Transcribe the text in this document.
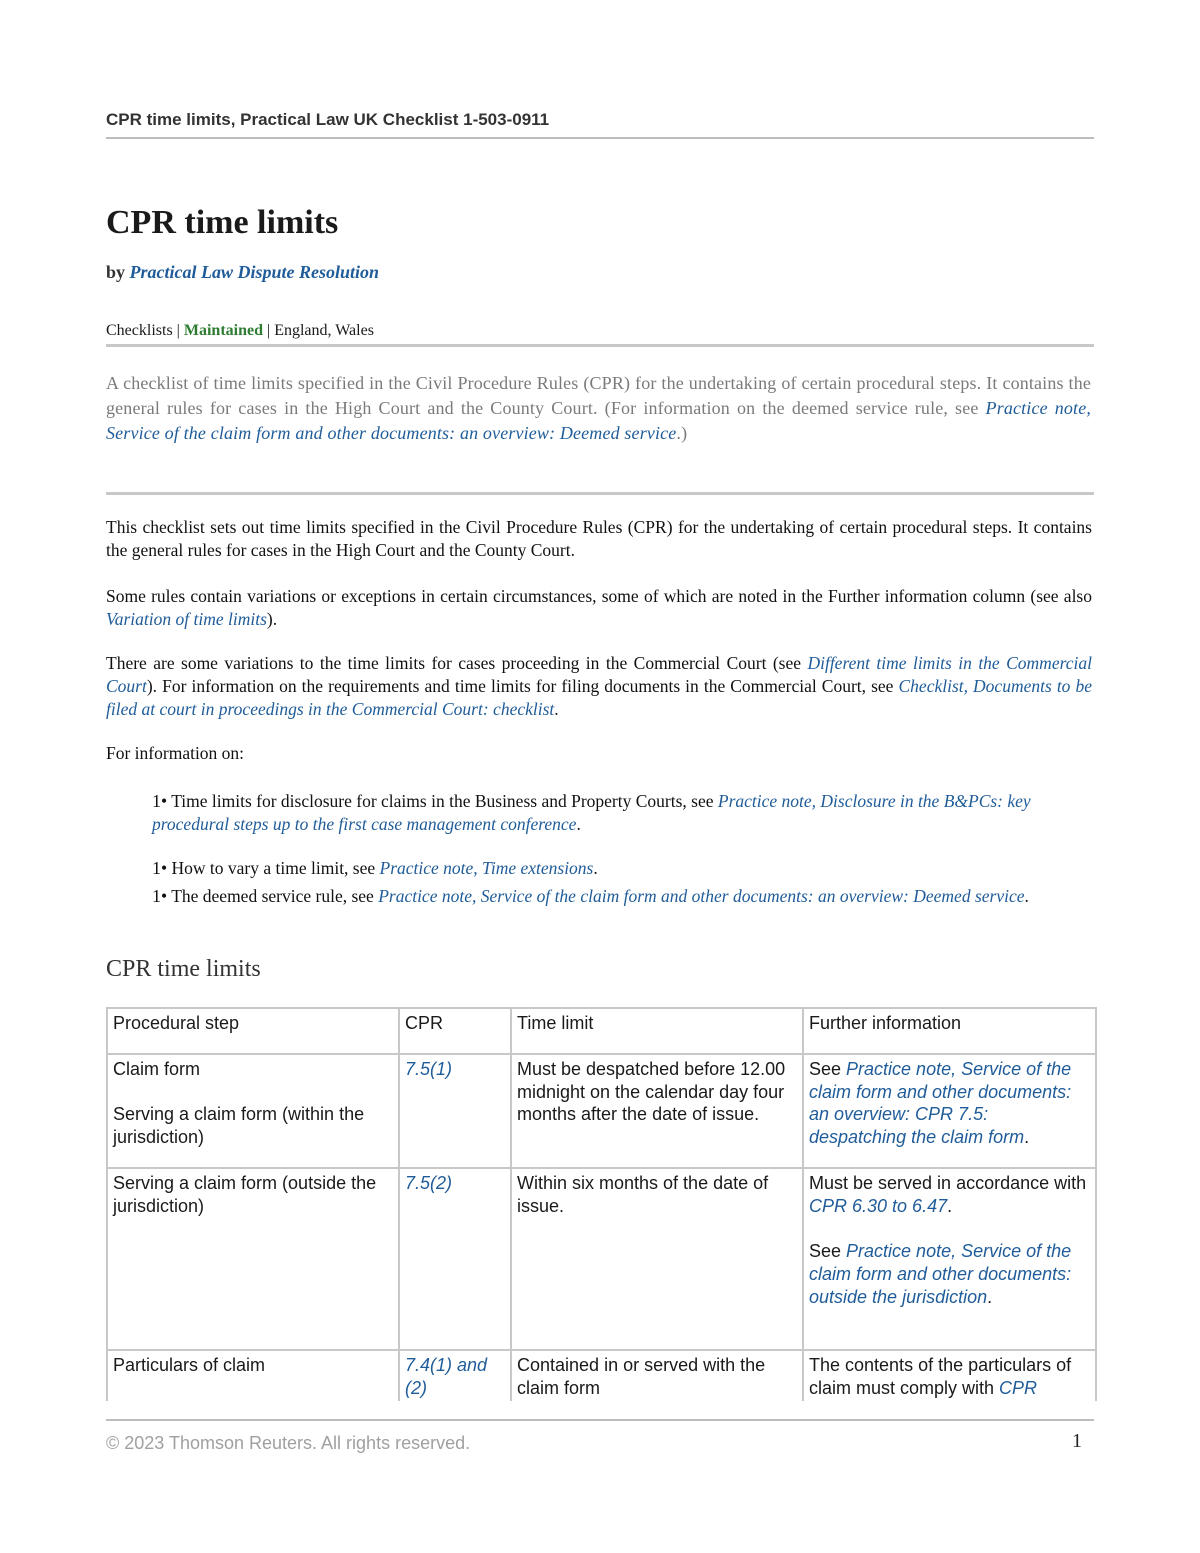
CPR time limits, Practical Law UK Checklist 1-503-0911
CPR time limits
by Practical Law Dispute Resolution
Checklists | Maintained | England, Wales

A checklist of time limits specified in the Civil Procedure Rules (CPR) for the undertaking of certain procedural steps. It contains the general rules for cases in the High Court and the County Court. (For information on the deemed service rule, see Practice note, Service of the claim form and other documents: an overview: Deemed service.)

This checklist sets out time limits specified in the Civil Procedure Rules (CPR) for the undertaking of certain procedural steps. It contains the general rules for cases in the High Court and the County Court.

Some rules contain variations or exceptions in certain circumstances, some of which are noted in the Further information column (see also Variation of time limits).

There are some variations to the time limits for cases proceeding in the Commercial Court (see Different time limits in the Commercial Court). For information on the requirements and time limits for filing documents in the Commercial Court, see Checklist, Documents to be filed at court in proceedings in the Commercial Court: checklist.

For information on:

1• Time limits for disclosure for claims in the Business and Property Courts, see Practice note, Disclosure in the B&PCs: key procedural steps up to the first case management conference.

1• How to vary a time limit, see Practice note, Time extensions.

1• The deemed service rule, see Practice note, Service of the claim form and other documents: an overview: Deemed service.

CPR time limits
Procedural step	CPR	Time limit	Further information
Claim form
Serving a claim form (within the jurisdiction)	7.5(1)	Must be despatched before 12.00 midnight on the calendar day four months after the date of issue.	See Practice note, Service of the claim form and other documents: an overview: CPR 7.5: despatching the claim form.
Serving a claim form (outside the jurisdiction)	7.5(2)	Within six months of the date of issue.	Must be served in accordance with CPR 6.30 to 6.47.
See Practice note, Service of the claim form and other documents: outside the jurisdiction.
Particulars of claim	7.4(1) and (2)	Contained in or served with the claim form	The contents of the particulars of claim must comply with CPR
© 2023 Thomson Reuters. All rights reserved.	1
